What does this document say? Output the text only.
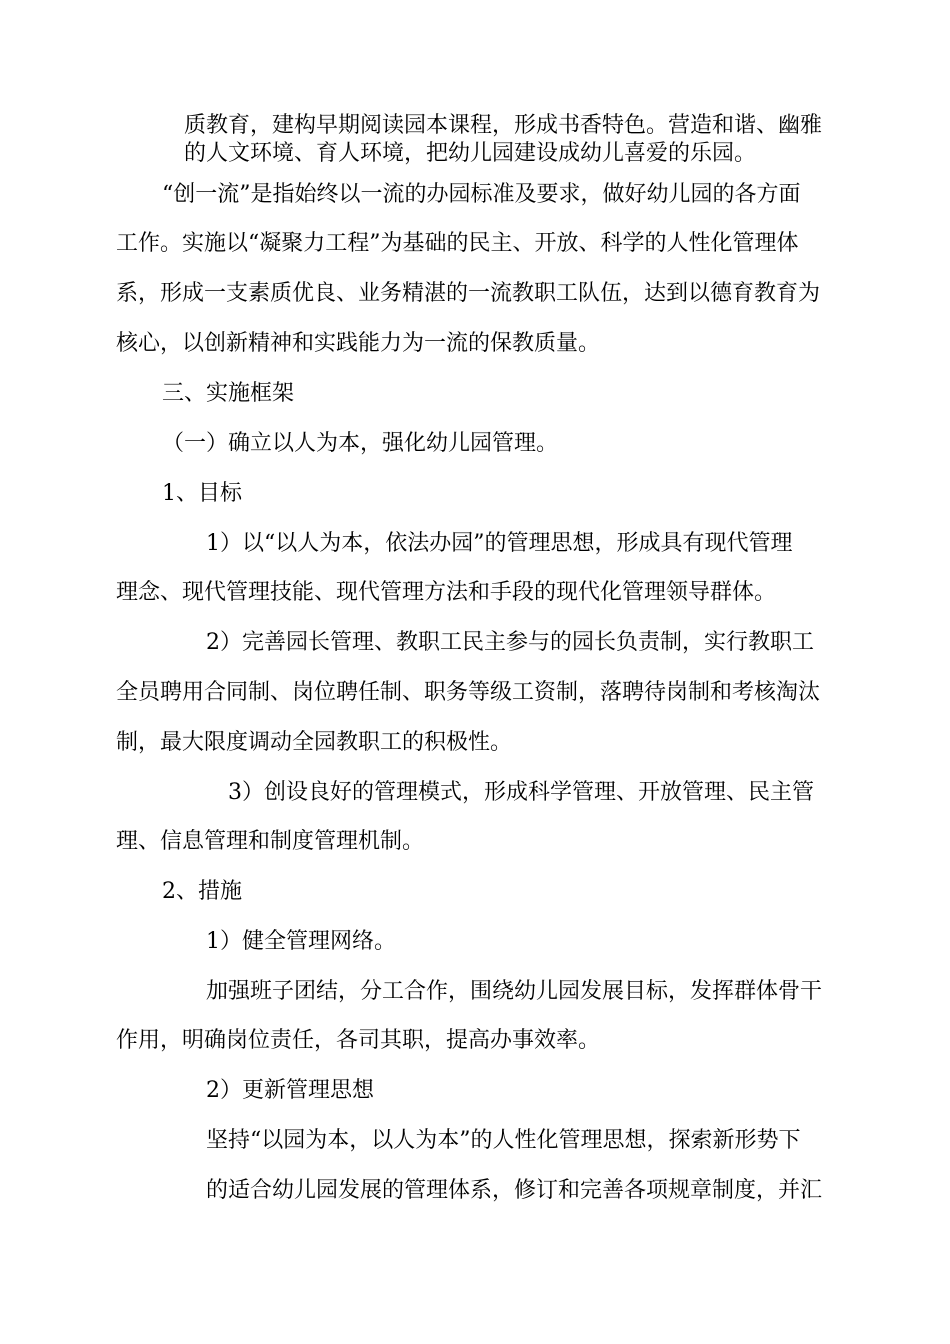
质教育，建构早期阅读园本课程，形成书香特色。营造和谐、幽雅
的人文环境、育人环境，把幼儿园建设成幼儿喜爱的乐园。
“创一流”是指始终以一流的办园标准及要求，做好幼儿园的各方面
工作。实施以“凝聚力工程”为基础的民主、开放、科学的人性化管理体
系，形成一支素质优良、业务精湛的一流教职工队伍，达到以德育教育为
核心，以创新精神和实践能力为一流的保教质量。
三、实施框架
（一）确立以人为本，强化幼儿园管理。
1、目标
1）以“以人为本，依法办园”的管理思想，形成具有现代管理
理念、现代管理技能、现代管理方法和手段的现代化管理领导群体。
2）完善园长管理、教职工民主参与的园长负责制，实行教职工
全员聘用合同制、岗位聘任制、职务等级工资制，落聘待岗制和考核淘汰
制，最大限度调动全园教职工的积极性。
3）创设良好的管理模式，形成科学管理、开放管理、民主管
理、信息管理和制度管理机制。
2、措施
1）健全管理网络。
加强班子团结，分工合作，围绕幼儿园发展目标，发挥群体骨干
作用，明确岗位责任，各司其职，提高办事效率。
2）更新管理思想
坚持“以园为本，以人为本”的人性化管理思想，探索新形势下
的适合幼儿园发展的管理体系，修订和完善各项规章制度，并汇
